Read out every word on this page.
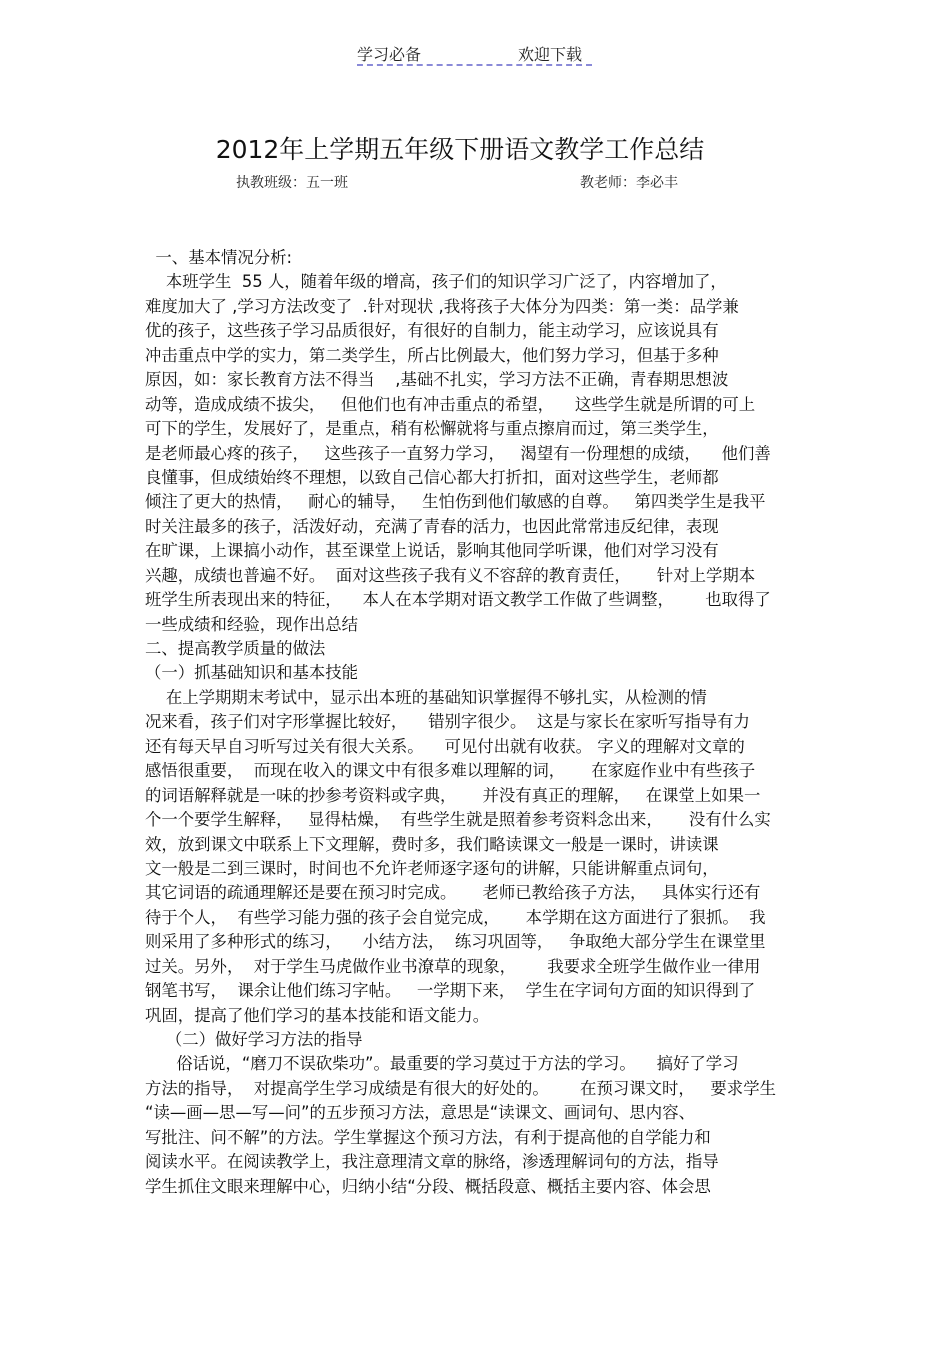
学习必备	欢迎下载
2012年上学期五年级下册语文教学工作总结
执教班级：五一班	教老师：李必丰
一、基本情况分析:
本班学生  55 人，随着年级的增高，孩子们的知识学习广泛了，内容增加了，
难度加大了 ,学习方法改变了  .针对现状 ,我将孩子大体分为四类：第一类：品学兼
优的孩子，这些孩子学习品质很好，有很好的自制力，能主动学习，应该说具有
冲击重点中学的实力，第二类学生，所占比例最大，他们努力学习，但基于多种
原因，如：家长教育方法不得当    ,基础不扎实，学习方法不正确，青春期思想波
动等，造成成绩不拔尖，   但他们也有冲击重点的希望，    这些学生就是所谓的可上
可下的学生，发展好了，是重点，稍有松懈就将与重点擦肩而过，第三类学生，
是老师最心疼的孩子，   这些孩子一直努力学习，   渴望有一份理想的成绩，    他们善
良懂事，但成绩始终不理想，以致自己信心都大打折扣，面对这些学生，老师都
倾注了更大的热情，   耐心的辅导，   生怕伤到他们敏感的自尊。   第四类学生是我平
时关注最多的孩子，活泼好动，充满了青春的活力，也因此常常违反纪律，表现
在旷课，上课搞小动作，甚至课堂上说话，影响其他同学听课，他们对学习没有
兴趣，成绩也普遍不好。  面对这些孩子我有义不容辞的教育责任，     针对上学期本
班学生所表现出来的特征，    本人在本学期对语文教学工作做了些调整，      也取得了
一些成绩和经验，现作出总结
二、提高教学质量的做法
（一）抓基础知识和基本技能
在上学期期末考试中，显示出本班的基础知识掌握得不够扎实，从检测的情
况来看，孩子们对字形掌握比较好，    错别字很少。  这是与家长在家听写指导有力
还有每天早自习听写过关有很大关系。    可见付出就有收获。 字义的理解对文章的
感悟很重要，  而现在收入的课文中有很多难以理解的词，     在家庭作业中有些孩子
的词语解释就是一味的抄参考资料或字典，     并没有真正的理解，   在课堂上如果一
个一个要学生解释，   显得枯燥，  有些学生就是照着参考资料念出来，     没有什么实
效，放到课文中联系上下文理解，费时多，我们略读课文一般是一课时，讲读课
文一般是二到三课时，时间也不允许老师逐字逐句的讲解，只能讲解重点词句，
其它词语的疏通理解还是要在预习时完成。     老师已教给孩子方法，   具体实行还有
待于个人，  有些学习能力强的孩子会自觉完成，     本学期在这方面进行了狠抓。  我
则采用了多种形式的练习，    小结方法，  练习巩固等，   争取绝大部分学生在课堂里
过关。另外，  对于学生马虎做作业书潦草的现象，      我要求全班学生做作业一律用
钢笔书写，  课余让他们练习字帖。   一学期下来，  学生在字词句方面的知识得到了
巩固，提高了他们学习的基本技能和语文能力。
（二）做好学习方法的指导
俗话说，“磨刀不误砍柴功”。最重要的学习莫过于方法的学习。    搞好了学习
方法的指导，  对提高学生学习成绩是有很大的好处的。      在预习课文时，   要求学生
“读—画—思—写—问”的五步预习方法，意思是“读课文、画词句、思内容、
写批注、问不解”的方法。学生掌握这个预习方法，有利于提高他的自学能力和
阅读水平。在阅读教学上，我注意理清文章的脉络，渗透理解词句的方法，指导
学生抓住文眼来理解中心，归纳小结“分段、概括段意、概括主要内容、体会思
